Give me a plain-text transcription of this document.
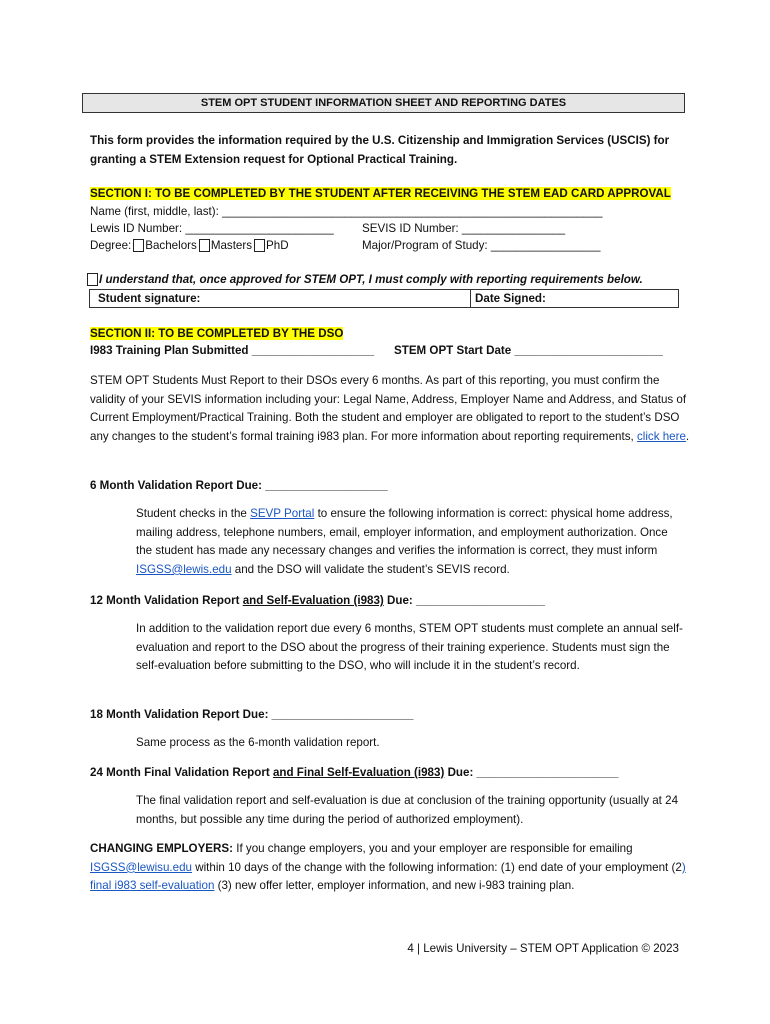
STEM OPT STUDENT INFORMATION SHEET AND REPORTING DATES
This form provides the information required by the U.S. Citizenship and Immigration Services (USCIS) for granting a STEM Extension request for Optional Practical Training.
SECTION I: TO BE COMPLETED BY THE STUDENT AFTER RECEIVING THE STEM EAD CARD APPROVAL
Name (first, middle, last): ___________________________________________________________
Lewis ID Number: _______________________ SEVIS ID Number: ________________
Degree: Bachelors Masters PhD	Major/Program of Study: _________________
I understand that, once approved for STEM OPT, I must comply with reporting requirements below.
Student signature:	Date Signed:
SECTION II: TO BE COMPLETED BY THE DSO
I983 Training Plan Submitted ___________________ STEM OPT Start Date _______________________
STEM OPT Students Must Report to their DSOs every 6 months. As part of this reporting, you must confirm the validity of your SEVIS information including your: Legal Name, Address, Employer Name and Address, and Status of Current Employment/Practical Training. Both the student and employer are obligated to report to the student’s DSO any changes to the student’s formal training i983 plan. For more information about reporting requirements, click here.
6 Month Validation Report Due: ___________________
Student checks in the SEVP Portal to ensure the following information is correct: physical home address, mailing address, telephone numbers, email, employer information, and employment authorization. Once the student has made any necessary changes and verifies the information is correct, they must inform ISGSS@lewis.edu and the DSO will validate the student’s SEVIS record.
12 Month Validation Report and Self-Evaluation (i983) Due: ____________________
In addition to the validation report due every 6 months, STEM OPT students must complete an annual self-evaluation and report to the DSO about the progress of their training experience. Students must sign the self-evaluation before submitting to the DSO, who will include it in the student’s record.
18 Month Validation Report Due: ______________________
Same process as the 6-month validation report.
24 Month Final Validation Report and Final Self-Evaluation (i983) Due: ______________________
The final validation report and self-evaluation is due at conclusion of the training opportunity (usually at 24 months, but possible any time during the period of authorized employment).
CHANGING EMPLOYERS: If you change employers, you and your employer are responsible for emailing ISGSS@lewisu.edu within 10 days of the change with the following information: (1) end date of your employment (2) final i983 self-evaluation (3) new offer letter, employer information, and new i-983 training plan.
4 | Lewis University – STEM OPT Application © 2023
